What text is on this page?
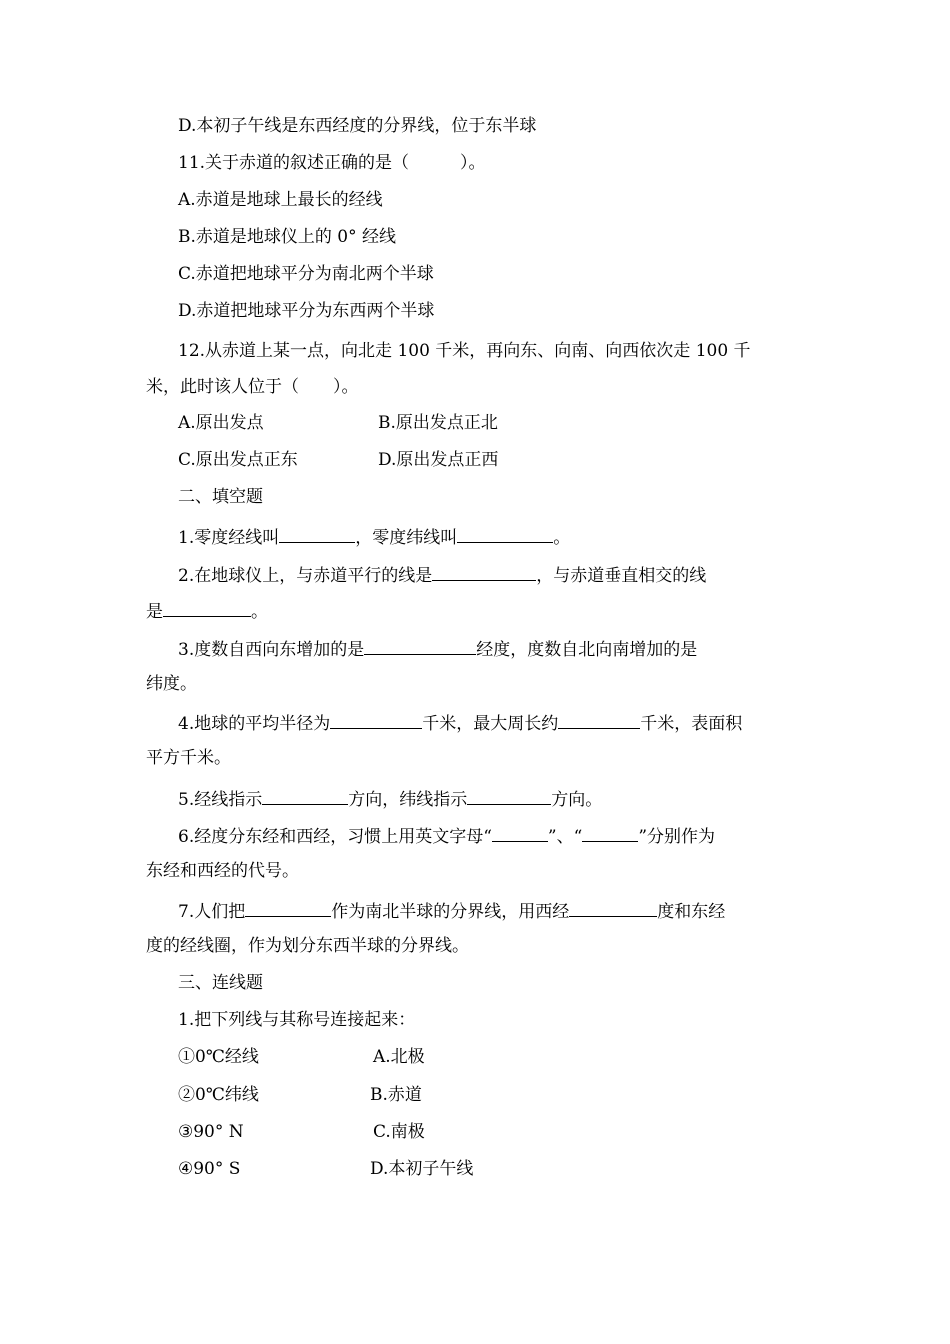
D.本初子午线是东西经度的分界线，位于东半球
11.关于赤道的叙述正确的是（　　　）。
A.赤道是地球上最长的经线
B.赤道是地球仪上的 0° 经线
C.赤道把地球平分为南北两个半球
D.赤道把地球平分为东西两个半球
12.从赤道上某一点，向北走 100 千米，再向东、向南、向西依次走 100 千
米，此时该人位于（　　）。
A.原出发点	B.原出发点正北
C.原出发点正东	D.原出发点正西
二、填空题
1.零度经线叫	，零度纬线叫	。
2.在地球仪上，与赤道平行的线是	，与赤道垂直相交的线
是	。
3.度数自西向东增加的是	经度，度数自北向南增加的是
纬度。
4.地球的平均半径为	千米，最大周长约	千米，表面积
平方千米。
5.经线指示	方向，纬线指示	方向。
6.经度分东经和西经，习惯上用英文字母“	”、“	”分别作为
东经和西经的代号。
7.人们把	作为南北半球的分界线，用西经	度和东经
度的经线圈，作为划分东西半球的分界线。
三、连线题
1.把下列线与其称号连接起来：
①0℃经线	A.北极
②0℃纬线	B.赤道
③90° N	C.南极
④90° S	D.本初子午线
